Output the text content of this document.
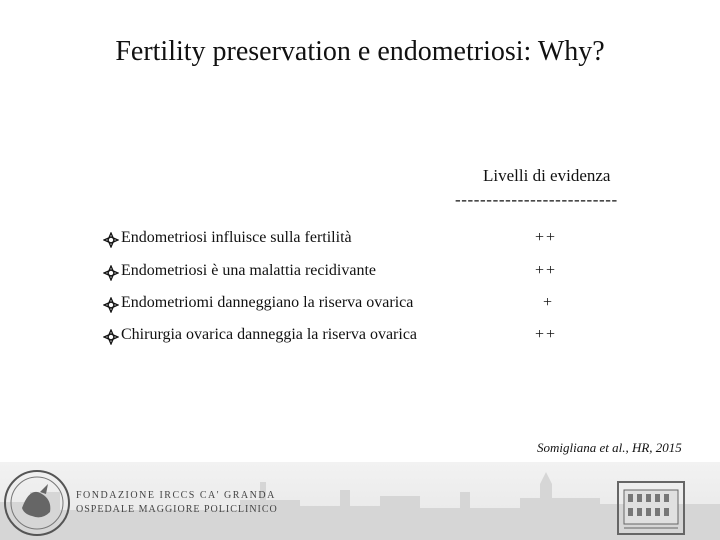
Fertility preservation e endometriosi: Why?
Livelli di evidenza
--------------------------
Endometriosi influisce sulla fertilità	++
Endometriosi è una malattia recidivante	++
Endometriomi danneggiano la riserva ovarica	+
Chirurgia ovarica danneggia la riserva ovarica	++
Somigliana et al., HR, 2015
FONDAZIONE IRCCS CA' GRANDA
OSPEDALE MAGGIORE POLICLINICO
